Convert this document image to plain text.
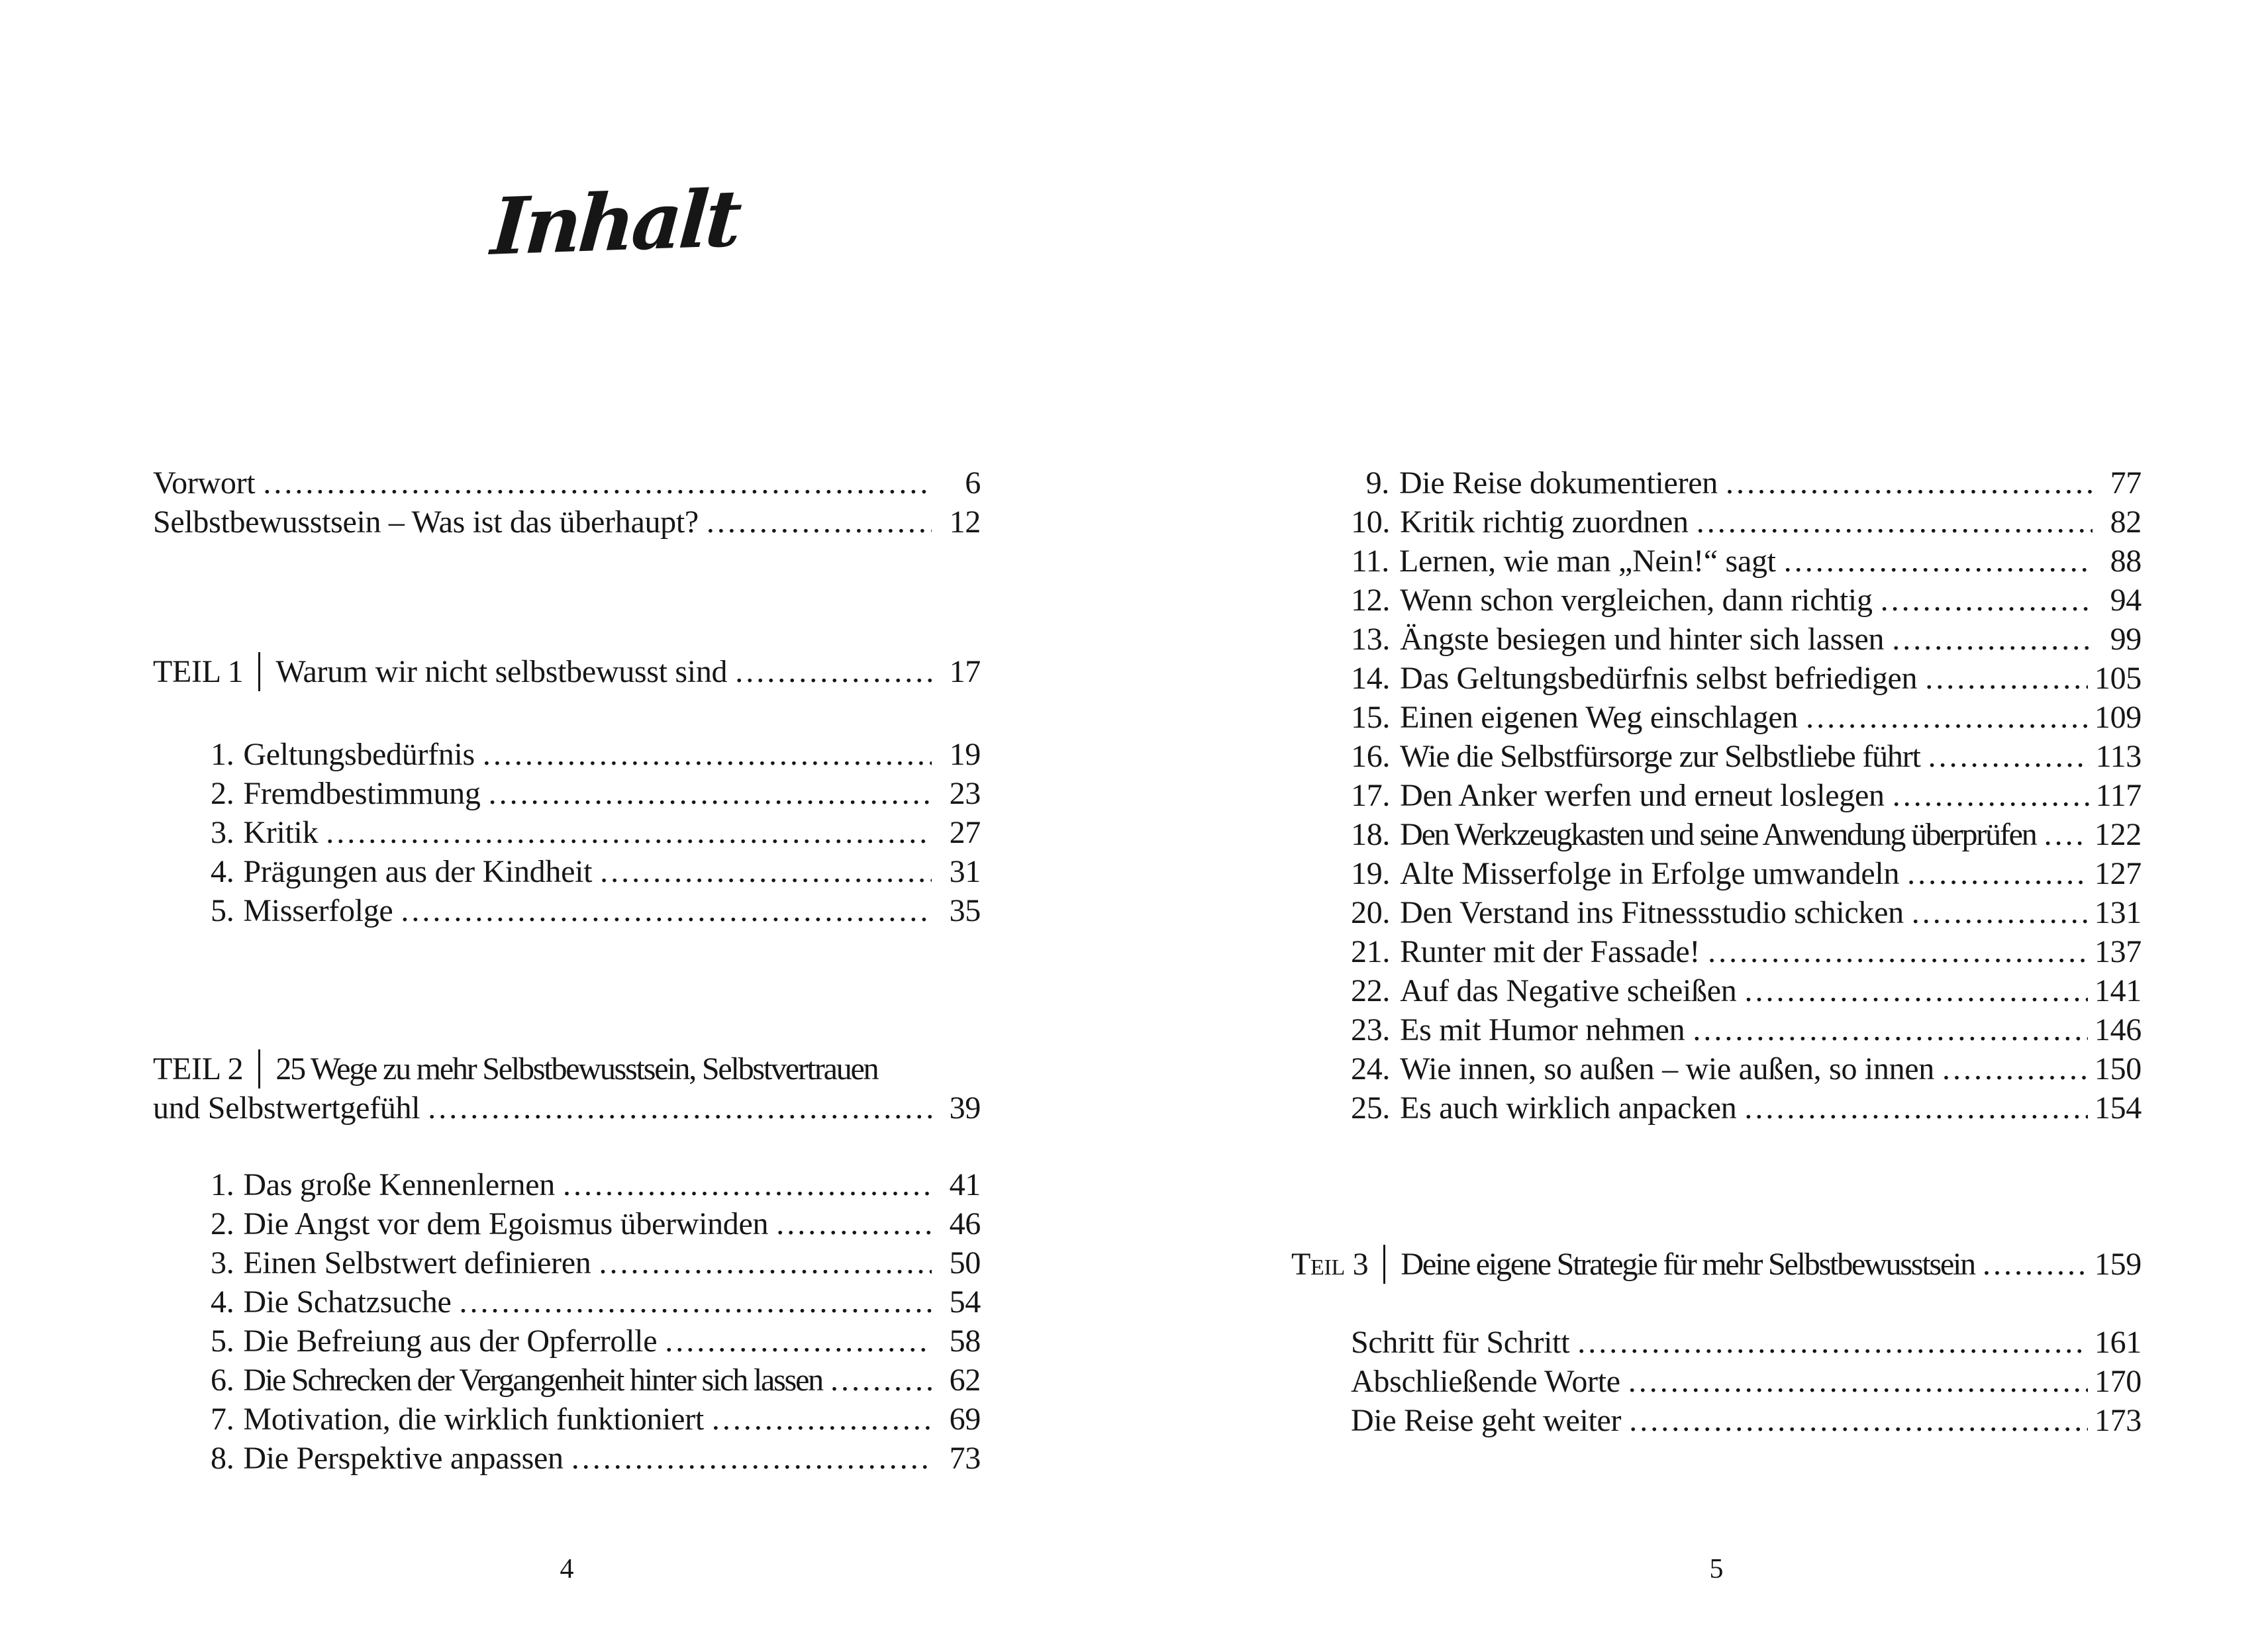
Inhalt
Vorwort .....	6
Selbstbewusstsein – Was ist das überhaupt? .....	12
TEIL 1 Warum wir nicht selbstbewusst sind .....	17
1. Geltungsbedürfnis .....	19
2. Fremdbestimmung .....	23
3. Kritik .....	27
4. Prägungen aus der Kindheit .....	31
5. Misserfolge .....	35
TEIL 2 25 Wege zu mehr Selbstbewusstsein, Selbstvertrauen
und Selbstwertgefühl .....	39
1. Das große Kennenlernen .....	41
2. Die Angst vor dem Egoismus überwinden .....	46
3. Einen Selbstwert definieren .....	50
4. Die Schatzsuche .....	54
5. Die Befreiung aus der Opferrolle .....	58
6. Die Schrecken der Vergangenheit hinter sich lassen .....	62
7. Motivation, die wirklich funktioniert .....	69
8. Die Perspektive anpassen .....	73
9. Die Reise dokumentieren .....	77
10. Kritik richtig zuordnen .....	82
11. Lernen, wie man „Nein!“ sagt .....	88
12. Wenn schon vergleichen, dann richtig .....	94
13. Ängste besiegen und hinter sich lassen .....	99
14. Das Geltungsbedürfnis selbst befriedigen .....	105
15. Einen eigenen Weg einschlagen .....	109
16. Wie die Selbstfürsorge zur Selbstliebe führt .....	113
17. Den Anker werfen und erneut loslegen .....	117
18. Den Werkzeugkasten und seine Anwendung überprüfen ..... 122
19. Alte Misserfolge in Erfolge umwandeln .....	127
20. Den Verstand ins Fitnessstudio schicken .....	131
21. Runter mit der Fassade! .....	137
22. Auf das Negative scheißen .....	141
23. Es mit Humor nehmen .....	146
24. Wie innen, so außen – wie außen, so innen .....	150
25. Es auch wirklich anpacken .....	154
Teil 3 Deine eigene Strategie für mehr Selbstbewusstsein .....	159
Schritt für Schritt .....	161
Abschließende Worte .....	170
Die Reise geht weiter .....	173
4	5
